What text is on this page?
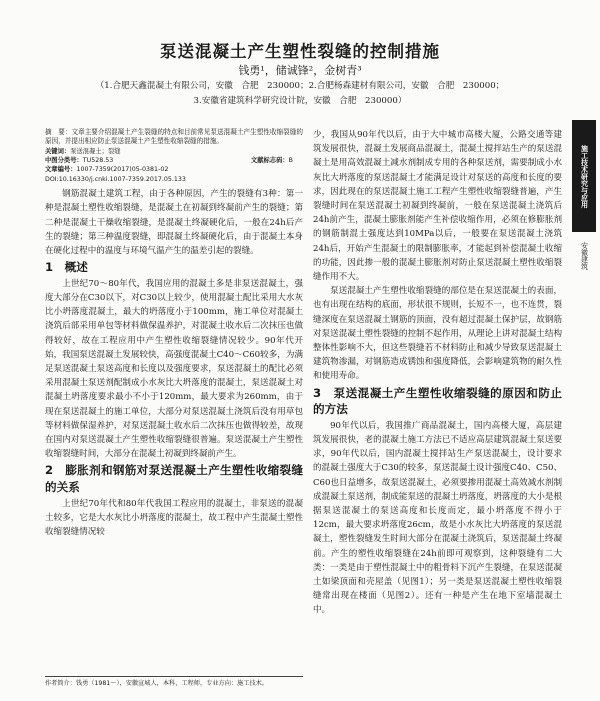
泵送混凝土产生塑性裂缝的控制措施
钱勇¹，储诚锋²，金树青³
（1.合肥天鑫混凝土有限公司，安徽　合肥　230000；2.合肥杨森建材有限公司，安徽　合肥　230000；
3.安徽省建筑科学研究设计院，安徽　合肥　230000）
施工技术研究与应用
安徽建筑
摘　要：文章主要介绍混凝土产生裂缝的特点和目前常见泵送混凝土产生塑性收缩裂缝的原因，并提出相应防止泵送混凝土产生塑性收缩裂缝的措施。
关键词：泵送混凝土；裂缝
中图分类号：TU528.53	文献标志码：B
文章编号：1007-7359(2017)05-0381-02
DOI:10.16330/j.cnki.1007-7359.2017.05.133

钢筋混凝土建筑工程，由于各种原因，产生的裂缝有3种：第一种是混凝土塑性收缩裂缝，是混凝土在初凝到终凝前产生的裂缝；第二种是混凝土干燥收缩裂缝，是混凝土终凝硬化后，一般在24h后产生的裂缝；第三种温度裂缝，即混凝土终凝硬化后，由于混凝土本身在硬化过程中的温度与环境气温产生的温差引起的裂缝。

1　概述

上世纪70～80年代，我国应用的混凝土多是非泵送混凝土，强度大部分在C30以下，对C30以上较少，使用混凝土配比采用大水灰比小坍落度混凝土，最大的坍落度小于100mm，施工单位对混凝土浇筑后部采用单包等材料做保温养护，对混凝土收水后二次抹压也做得较好，故在工程应用中产生塑性收缩裂缝情况较少。90年代开始，我国泵送混凝土发展较快，高强度混凝土C40～C60较多，为满足泵送混凝土泵送高度和长度以及强度要求，泵送混凝土的配比必须采用混凝土泵送剂配制成小水灰比大坍落度的混凝土，泵送混凝土对混凝土坍落度要求最小不小于120mm，最大要求为260mm，由于现在泵送混凝土的施工单位，大部分对泵送混凝土浇筑后没有用草包等材料做保湿养护，对泵送混凝土收水后二次抹压也做得较差，故现在国内对泵送混凝土产生塑性收缩裂缝很普遍。泵送混凝土产生塑性收缩裂缝时间，大部分在混凝土初凝到终凝前产生。

2　膨胀剂和钢筋对泵送混凝土产生塑性收缩裂缝的关系

上世纪70年代和80年代我国工程应用的混凝土，非泵送的混凝土较多，它是大水灰比小坍落度的混凝土，故工程中产生混凝土塑性收缩裂缝情况较

少，我国从90年代以后，由于大中城市高楼大厦，公路交通等建筑发展很快，混凝土发展商品混凝土，混凝土搅拌站生产的泵送混凝土是用高效混凝土减水剂制成专用的各种泵送剂，需要制成小水灰比大坍落度的泵送混凝土才能满足设计对泵送的高度和长度的要求，因此现在的泵送混凝土施工工程产生塑性收缩裂缝普遍，产生裂缝时间在泵送混凝土初凝到终凝前，一般在泵送混凝土浇筑后24h前产生，混凝土膨胀剂能产生补偿收缩作用，必须在修膨胀剂的钢筋制混土强度达到10MPa以后，一般要在泵送混凝土浇筑24h后，开始产生混凝土的限制膨胀率，才能起到补偿混凝土收缩的功能，因此掺一般的混凝土膨胀剂对防止泵送混凝土塑性收缩裂缝作用不大。

泵送混凝土产生塑性收缩裂缝的部位是在泵送混凝土的表面，也有出现在结构的底面，形状很不规则，长短不一，也不连贯，裂缝深度在泵送混凝土钢筋的顶面，没有超过混凝土保护层，故钢筋对泵送混凝土塑性裂缝的控制不起作用，从理论上讲对混凝土结构整体性影响不大，但这些裂缝若不材料防止和减少导致泵送混凝土建筑物渗漏，对钢筋造成锈蚀和强度降低，会影响建筑物的耐久性和使用寿命。

3　泵送混凝土产生塑性收缩裂缝的原因和防止的方法

90年代以后，我国推广商品混凝土，国内高楼大厦，高层建筑发展很快，老的混凝土施工方法已不适应高层建筑混凝土泵送要求，90年代以后，国内混凝土搅拌站生产泵送混凝土，设计要求的混凝土强度大于C30的较多，泵送混凝土设计强度C40、C50、C60也日益增多，故泵送混凝土，必须要掺用混凝土高效减水剂制成混凝土泵送剂，制成能泵送的混凝土坍落度，坍落度的大小是根据泵送混凝土的泵送高度和长度而定，最小坍落度不得小于12cm，最大要求坍落度26cm，故是小水灰比大坍落度的泵送混凝土，塑性裂缝发生时间大部分在混凝土浇筑后，泵送混凝土终凝前。产生的塑性收缩裂缝在24h前即可观察到，这种裂缝有二大类：一类是由于塑性混凝土中的粗骨料下沉产生裂缝，在泵送混凝土如梁顶面和壳屋盖（见图1）；另一类是泵送混凝土塑性收缩裂缝常出现在楼面（见图2）。还有一种是产生在地下室墙混凝土中。

作者简介：钱勇（1981～），安徽宣城人，本科，工程师，专业方向：施工技术。
